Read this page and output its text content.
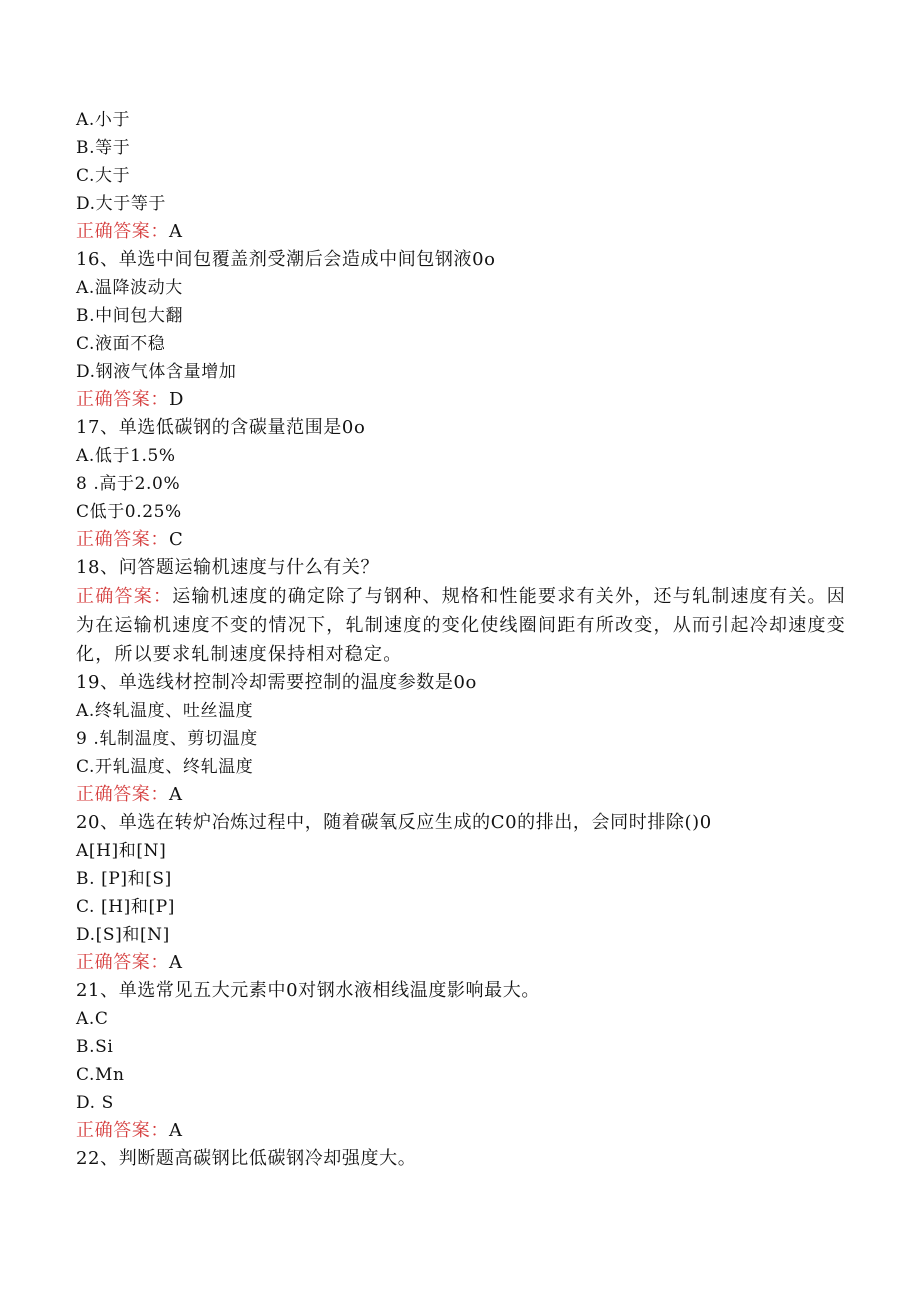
A.小于
B.等于
C.大于
D.大于等于
正确答案：A
16、单选中间包覆盖剂受潮后会造成中间包钢液0o
A.温降波动大
B.中间包大翻
C.液面不稳
D.钢液气体含量增加
正确答案：D
17、单选低碳钢的含碳量范围是0o
A.低于1.5%
8 .高于2.0%
C低于0.25%
正确答案：C
18、问答题运输机速度与什么有关？
正确答案：运输机速度的确定除了与钢种、规格和性能要求有关外，还与轧制速度有关。因为在运输机速度不变的情况下，轧制速度的变化使线圈间距有所改变，从而引起冷却速度变化，所以要求轧制速度保持相对稳定。
19、单选线材控制冷却需要控制的温度参数是0o
A.终轧温度、吐丝温度
9 .轧制温度、剪切温度
C.开轧温度、终轧温度
正确答案：A
20、单选在转炉冶炼过程中，随着碳氧反应生成的C0的排出，会同时排除()0
A[H]和[N]
B. [P]和[S]
C. [H]和[P]
D.[S]和[N]
正确答案：A
21、单选常见五大元素中0对钢水液相线温度影响最大。
A.C
B.Si
C.Mn
D. S
正确答案：A
22、判断题高碳钢比低碳钢冷却强度大。
